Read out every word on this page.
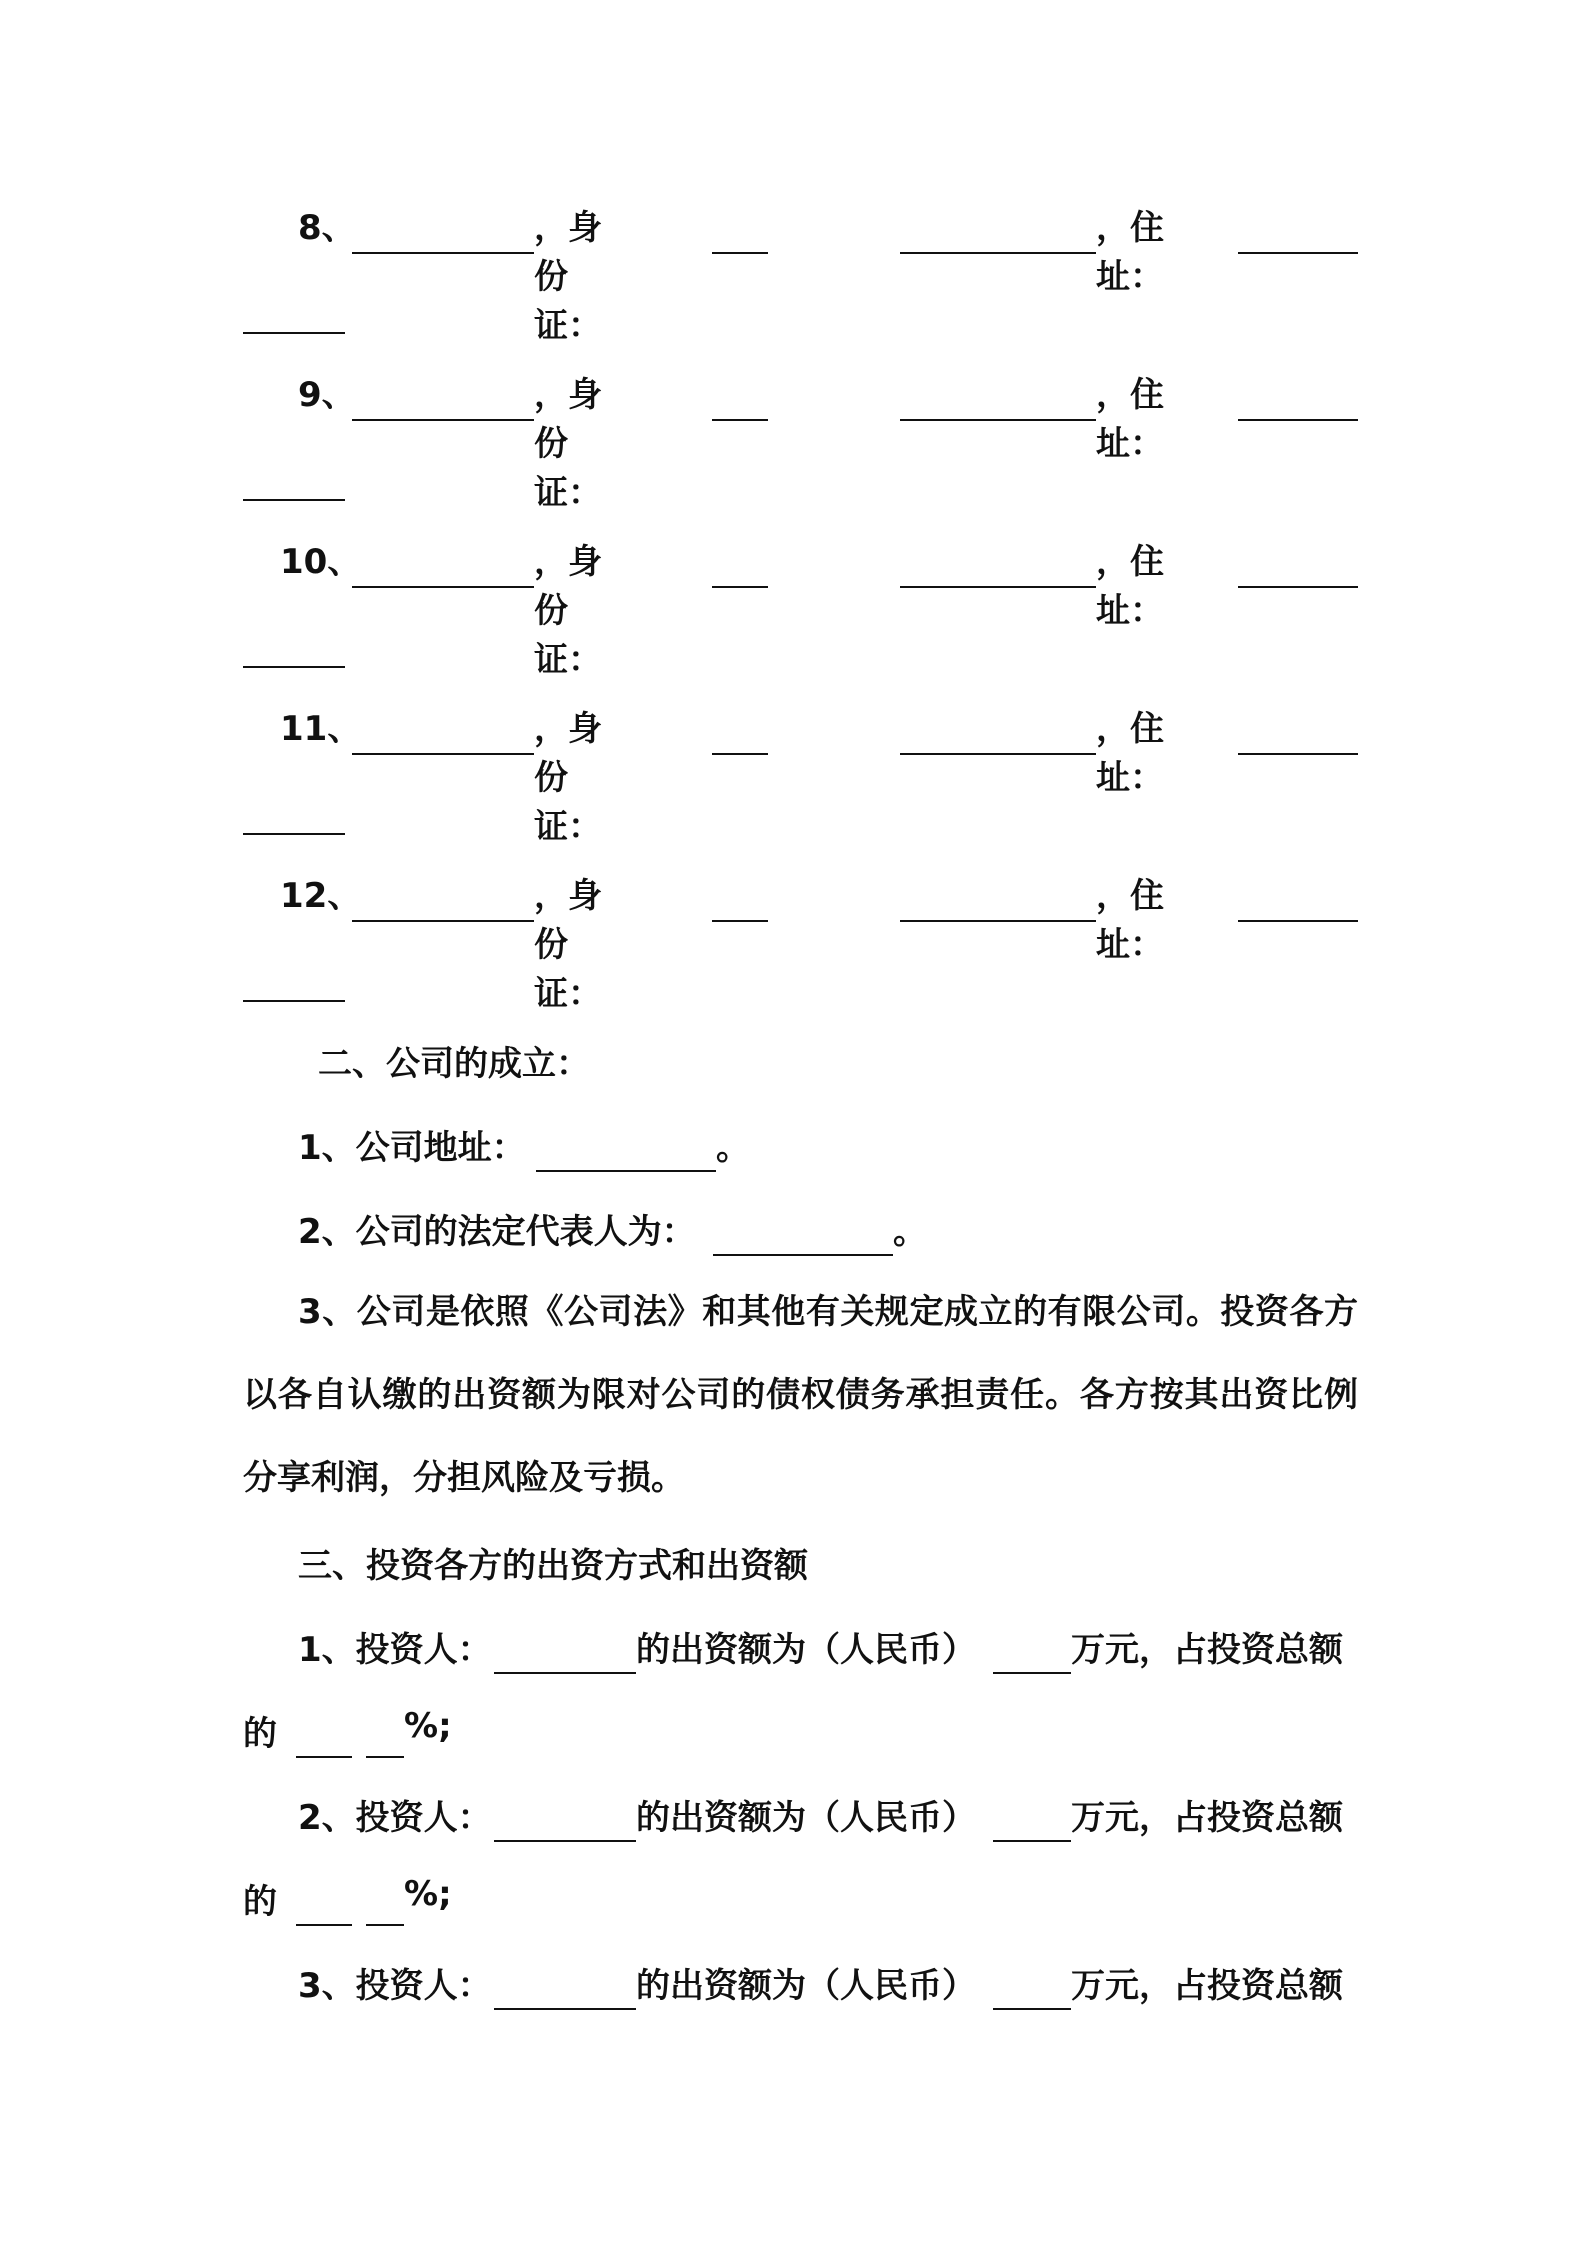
8、	，身份证：
，住址：
9、	，身份证：
，住址：
10、	，身份证：
，住址：
11、	，身份证：
，住址：
12、	，身份证：
，住址：
二、公司的成立：
1、公司地址：	。
2、公司的法定代表人为：	。
3、公司是依照《公司法》和其他有关规定成立的有限公司。投资各方以各自认缴的出资额为限对公司的债权债务承担责任。各方按其出资比例分享利润，分担风险及亏损。
三、投资各方的出资方式和出资额
1、投资人：	的出资额为（人民币）	万元，占投资总额
的	%;
2、投资人：	的出资额为（人民币）	万元，占投资总额
的	%;
3、投资人：	的出资额为（人民币）	万元，占投资总额
